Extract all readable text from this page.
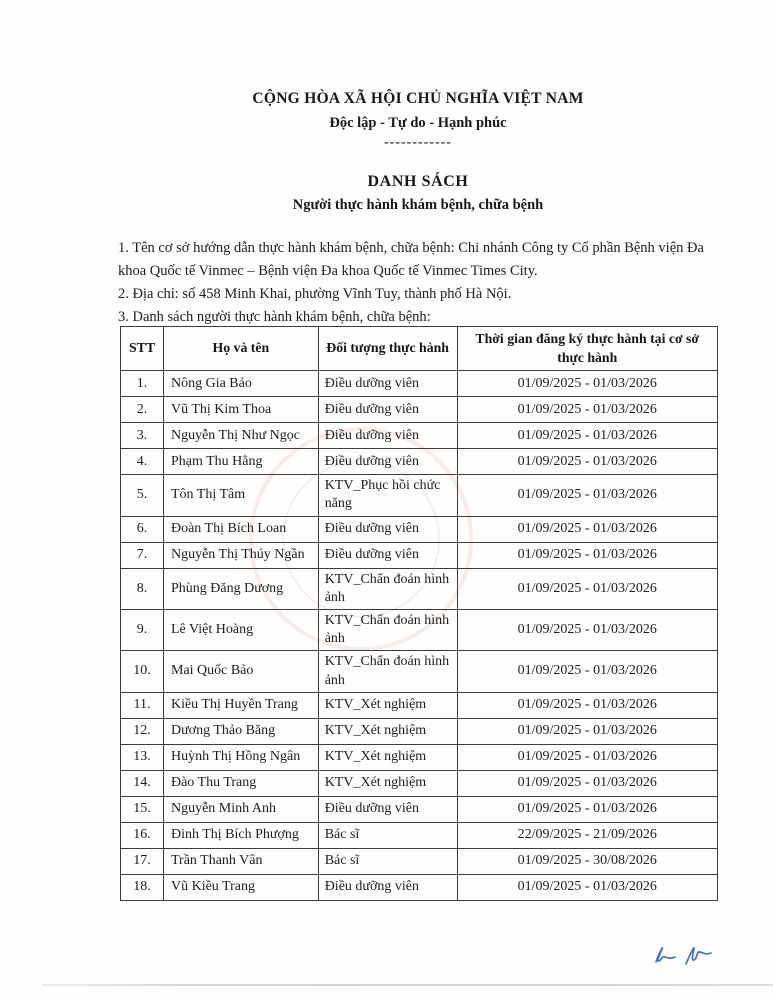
CỘNG HÒA XÃ HỘI CHỦ NGHĨA VIỆT NAM
Độc lập - Tự do - Hạnh phúc
------------
DANH SÁCH
Người thực hành khám bệnh, chữa bệnh

1. Tên cơ sở hướng dẫn thực hành khám bệnh, chữa bệnh: Chi nhánh Công ty Cổ phần Bệnh viện Đa khoa Quốc tế Vinmec – Bệnh viện Đa khoa Quốc tế Vinmec Times City.

2. Địa chỉ: số 458 Minh Khai, phường Vĩnh Tuy, thành phố Hà Nội.

3. Danh sách người thực hành khám bệnh, chữa bệnh:

STT	Họ và tên	Đối tượng thực hành	Thời gian đăng ký thực hành tại cơ sở thực hành
1.	Nông Gia Bảo	Điều dưỡng viên	01/09/2025 - 01/03/2026
2.	Vũ Thị Kim Thoa	Điều dưỡng viên	01/09/2025 - 01/03/2026
3.	Nguyễn Thị Như Ngọc	Điều dưỡng viên	01/09/2025 - 01/03/2026
4.	Phạm Thu Hằng	Điều dưỡng viên	01/09/2025 - 01/03/2026
5.	Tôn Thị Tâm	KTV_Phục hồi chức năng	01/09/2025 - 01/03/2026
6.	Đoàn Thị Bích Loan	Điều dưỡng viên	01/09/2025 - 01/03/2026
7.	Nguyễn Thị Thúy Ngần	Điều dưỡng viên	01/09/2025 - 01/03/2026
8.	Phùng Đăng Dương	KTV_Chẩn đoán hình ảnh	01/09/2025 - 01/03/2026
9.	Lê Việt Hoàng	KTV_Chẩn đoán hình ảnh	01/09/2025 - 01/03/2026
10.	Mai Quốc Bảo	KTV_Chẩn đoán hình ảnh	01/09/2025 - 01/03/2026
11.	Kiều Thị Huyền Trang	KTV_Xét nghiệm	01/09/2025 - 01/03/2026
12.	Dương Thảo Băng	KTV_Xét nghiệm	01/09/2025 - 01/03/2026
13.	Huỳnh Thị Hồng Ngân	KTV_Xét nghiệm	01/09/2025 - 01/03/2026
14.	Đào Thu Trang	KTV_Xét nghiệm	01/09/2025 - 01/03/2026
15.	Nguyễn Minh Anh	Điều dưỡng viên	01/09/2025 - 01/03/2026
16.	Đinh Thị Bích Phượng	Bác sĩ	22/09/2025 - 21/09/2026
17.	Trần Thanh Vân	Bác sĩ	01/09/2025 - 30/08/2026
18.	Vũ Kiều Trang	Điều dưỡng viên	01/09/2025 - 01/03/2026
